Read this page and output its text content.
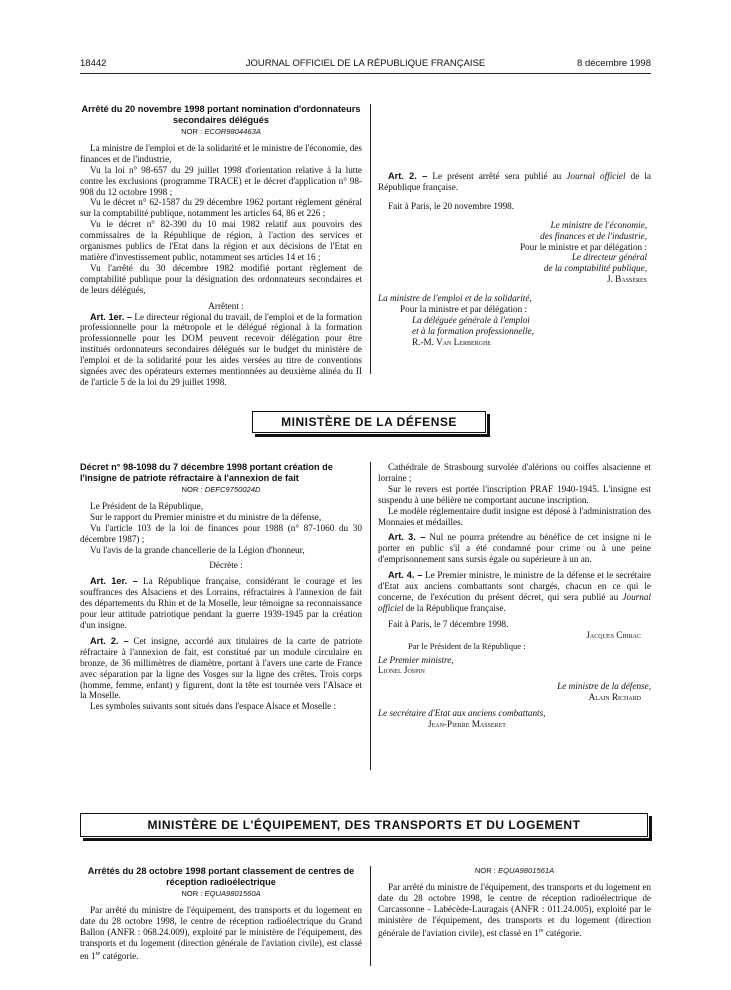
18442	JOURNAL OFFICIEL DE LA RÉPUBLIQUE FRANÇAISE	8 décembre 1998
Arrêté du 20 novembre 1998 portant nomination d'ordonnateurs secondaires délégués
NOR : ECOR9804463A

La ministre de l'emploi et de la solidarité et le ministre de l'économie, des finances et de l'industrie,

Vu la loi n° 98-657 du 29 juillet 1998 d'orientation relative à la lutte contre les exclusions (programme TRACE) et le décret d'application n° 98-908 du 12 octobre 1998 ;

Vu le décret n° 62-1587 du 29 décembre 1962 portant règlement général sur la comptabilité publique, notamment les articles 64, 86 et 226 ;

Vu le décret n° 82-390 du 10 mai 1982 relatif aux pouvoirs des commissaires de la République de région, à l'action des services et organismes publics de l'Etat dans la région et aux décisions de l'Etat en matière d'investissement public, notamment ses articles 14 et 16 ;

Vu l'arrêté du 30 décembre 1982 modifié portant règlement de comptabilité publique pour la désignation des ordonnateurs secondaires et de leurs délégués,

Arrêtent :

Art. 1er. – Le directeur régional du travail, de l'emploi et de la formation professionnelle pour la métropole et le délégué régional à la formation professionnelle pour les DOM peuvent recevoir délégation pour être institués ordonnateurs secondaires délégués sur le budget du ministère de l'emploi et de la solidarité pour les aides versées au titre de conventions signées avec des opérateurs externes mentionnées au deuxième alinéa du II de l'article 5 de la loi du 29 juillet 1998.

Art. 2. – Le présent arrêté sera publié au Journal officiel de la République française.

Fait à Paris, le 20 novembre 1998.

Le ministre de l'économie,
des finances et de l'industrie,
Pour le ministre et par délégation :
Le directeur général
de la comptabilité publique,
J. Bassères
La ministre de l'emploi et de la solidarité,
Pour la ministre et par délégation :
La déléguée générale à l'emploi
et à la formation professionnelle,
R.-M. Van Lerberghe
MINISTÈRE DE LA DÉFENSE
Décret n° 98-1098 du 7 décembre 1998 portant création de l'insigne de patriote réfractaire à l'annexion de fait
NOR : DEFC9750024D

Le Président de la République,

Sur le rapport du Premier ministre et du ministre de la défense,

Vu l'article 103 de la loi de finances pour 1988 (n° 87-1060 du 30 décembre 1987) ;

Vu l'avis de la grande chancellerie de la Légion d'honneur,

Décrète :

Art. 1er. – La République française, considérant le courage et les souffrances des Alsaciens et des Lorrains, réfractaires à l'annexion de fait des départements du Rhin et de la Moselle, leur témoigne sa reconnaissance pour leur attitude patriotique pendant la guerre 1939-1945 par la création d'un insigne.

Art. 2. – Cet insigne, accordé aux titulaires de la carte de patriote réfractaire à l'annexion de fait, est constitué par un module circulaire en bronze, de 36 millimètres de diamètre, portant à l'avers une carte de France avec séparation par la ligne des Vosges sur la ligne des crêtes. Trois corps (homme, femme, enfant) y figurent, dont la tête est tournée vers l'Alsace et la Moselle.

Les symboles suivants sont situés dans l'espace Alsace et Moselle :

Cathédrale de Strasbourg survolée d'alérions ou coiffes alsacienne et lorraine ;

Sur le revers est portée l'inscription PRAF 1940-1945. L'insigne est suspendu à une bélière ne comportant aucune inscription.

Le modèle réglementaire dudit insigne est déposé à l'administration des Monnaies et médailles.

Art. 3. – Nul ne pourra prétendre au bénéfice de cet insigne ni le porter en public s'il a été condamné pour crime ou à une peine d'emprisonnement sans sursis égale ou supérieure à un an.

Art. 4. – Le Premier ministre, le ministre de la défense et le secrétaire d'Etat aux anciens combattants sont chargés, chacun en ce qui le concerne, de l'exécution du présent décret, qui sera publié au Journal officiel de la République française.

Fait à Paris, le 7 décembre 1998.

Jacques Chirac
Par le Président de la République :
Le Premier ministre,
Lionel Jospin
Le ministre de la défense,
Alain Richard
Le secrétaire d'Etat aux anciens combattants,
Jean-Pierre Masseret
MINISTÈRE DE L'ÉQUIPEMENT, DES TRANSPORTS ET DU LOGEMENT
Arrêtés du 28 octobre 1998 portant classement de centres de réception radioélectrique
NOR : EQUA9801560A

Par arrêté du ministre de l'équipement, des transports et du logement en date du 28 octobre 1998, le centre de réception radioélectrique du Grand Ballon (ANFR : 068.24.009), exploité par le ministère de l'équipement, des transports et du logement (direction générale de l'aviation civile), est classé en 1re catégorie.

NOR : EQUA9801561A

Par arrêté du ministre de l'équipement, des transports et du logement en date du 28 octobre 1998, le centre de réception radioélectrique de Carcassonne - Labécède-Lauragais (ANFR : 011.24.005), exploité par le ministère de l'équipement, des transports et du logement (direction générale de l'aviation civile), est classé en 1re catégorie.
